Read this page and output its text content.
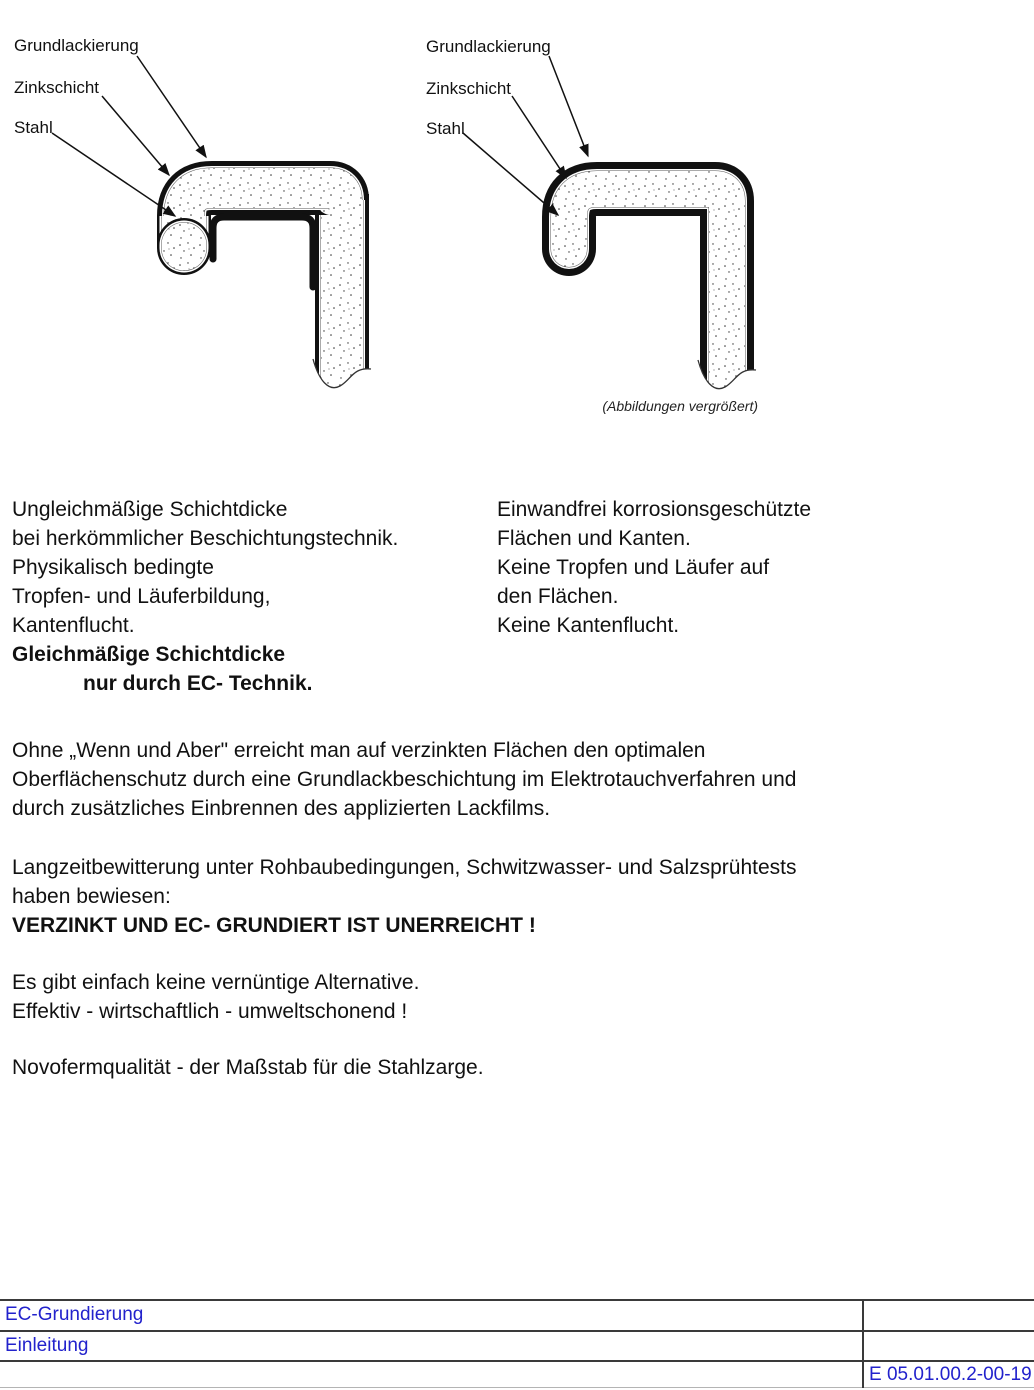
Grundlackierung
Zinkschicht
Stahl
Grundlackierung
Zinkschicht
Stahl
(Abbildungen vergrößert)
Ungleichmäßige Schichtdicke
bei herkömmlicher Beschichtungstechnik.
Physikalisch bedingte
Tropfen- und Läuferbildung,
Kantenflucht.
Gleichmäßige Schichtdicke
nur durch EC- Technik.
Einwandfrei korrosionsgeschützte
Flächen und Kanten.
Keine Tropfen und Läufer auf
den Flächen.
Keine Kantenflucht.
Ohne „Wenn und Aber" erreicht man auf verzinkten Flächen den optimalen
Oberflächenschutz durch eine Grundlackbeschichtung im Elektrotauchverfahren und
durch zusätzliches Einbrennen des applizierten Lackfilms.
Langzeitbewitterung unter Rohbaubedingungen, Schwitzwasser- und Salzsprühtests
haben bewiesen:
VERZINKT UND EC- GRUNDIERT IST UNERREICHT !
Es gibt einfach keine vernüntige Alternative.
Effektiv - wirtschaftlich - umweltschonend !
Novofermqualität - der Maßstab für die Stahlzarge.
EC-Grundierung
Einleitung
E 05.01.00.2-00-19
